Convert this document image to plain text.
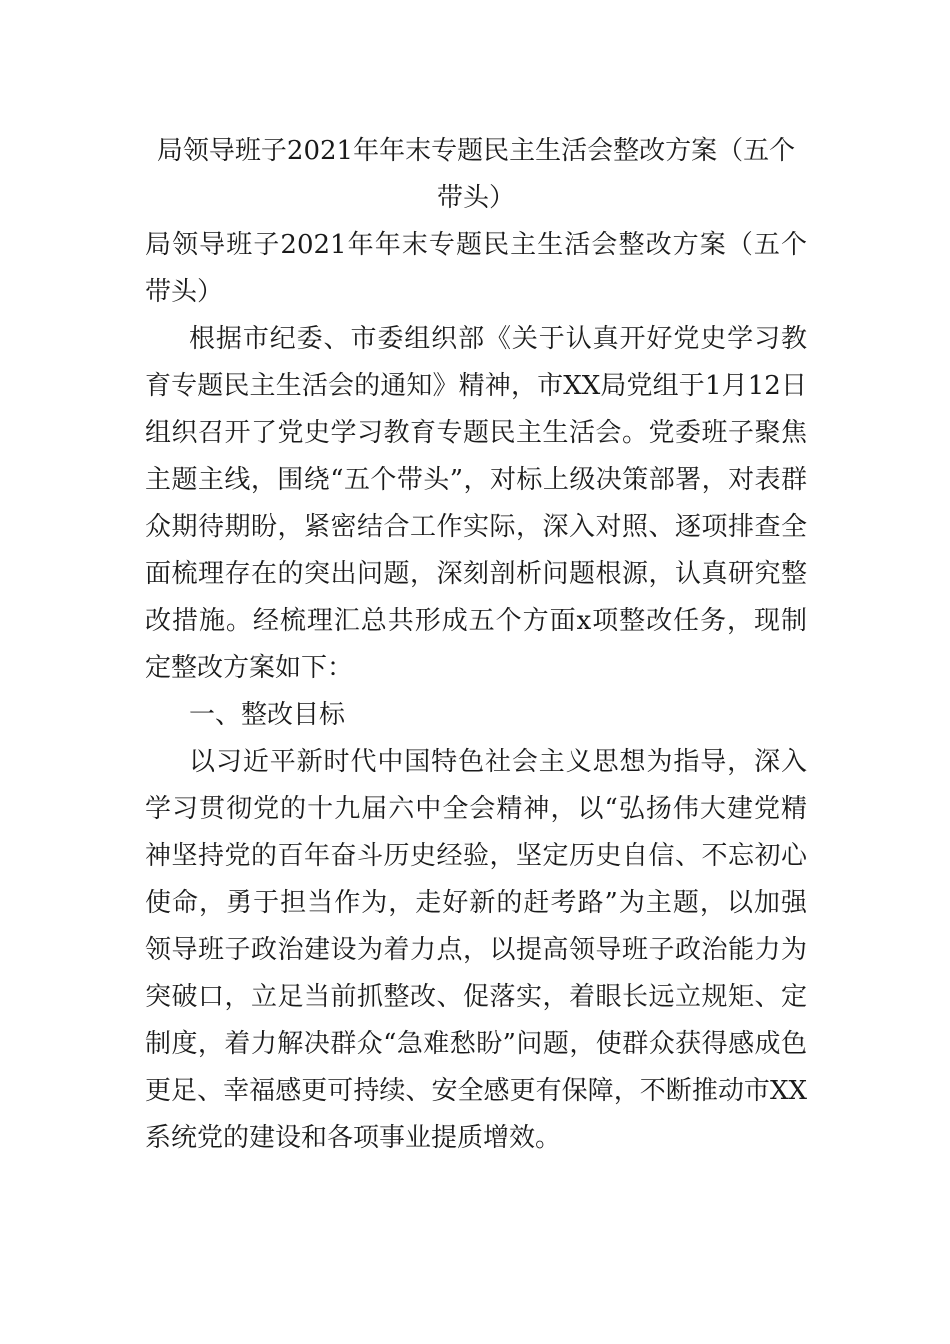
局领导班子2021年年末专题民主生活会整改方案（五个带头）

局领导班子2021年年末专题民主生活会整改方案（五个带头）

根据市纪委、市委组织部《关于认真开好党史学习教育专题民主生活会的通知》精神，市XX局党组于1月12日组织召开了党史学习教育专题民主生活会。党委班子聚焦主题主线，围绕“五个带头”，对标上级决策部署，对表群众期待期盼，紧密结合工作实际，深入对照、逐项排查全面梳理存在的突出问题，深刻剖析问题根源，认真研究整改措施。经梳理汇总共形成五个方面x项整改任务，现制定整改方案如下：

一、整改目标

以习近平新时代中国特色社会主义思想为指导，深入学习贯彻党的十九届六中全会精神，以“弘扬伟大建党精神坚持党的百年奋斗历史经验，坚定历史自信、不忘初心使命，勇于担当作为，走好新的赶考路”为主题，以加强领导班子政治建设为着力点，以提高领导班子政治能力为突破口，立足当前抓整改、促落实，着眼长远立规矩、定制度，着力解决群众“急难愁盼”问题，使群众获得感成色更足、幸福感更可持续、安全感更有保障，不断推动市XX系统党的建设和各项事业提质增效。
